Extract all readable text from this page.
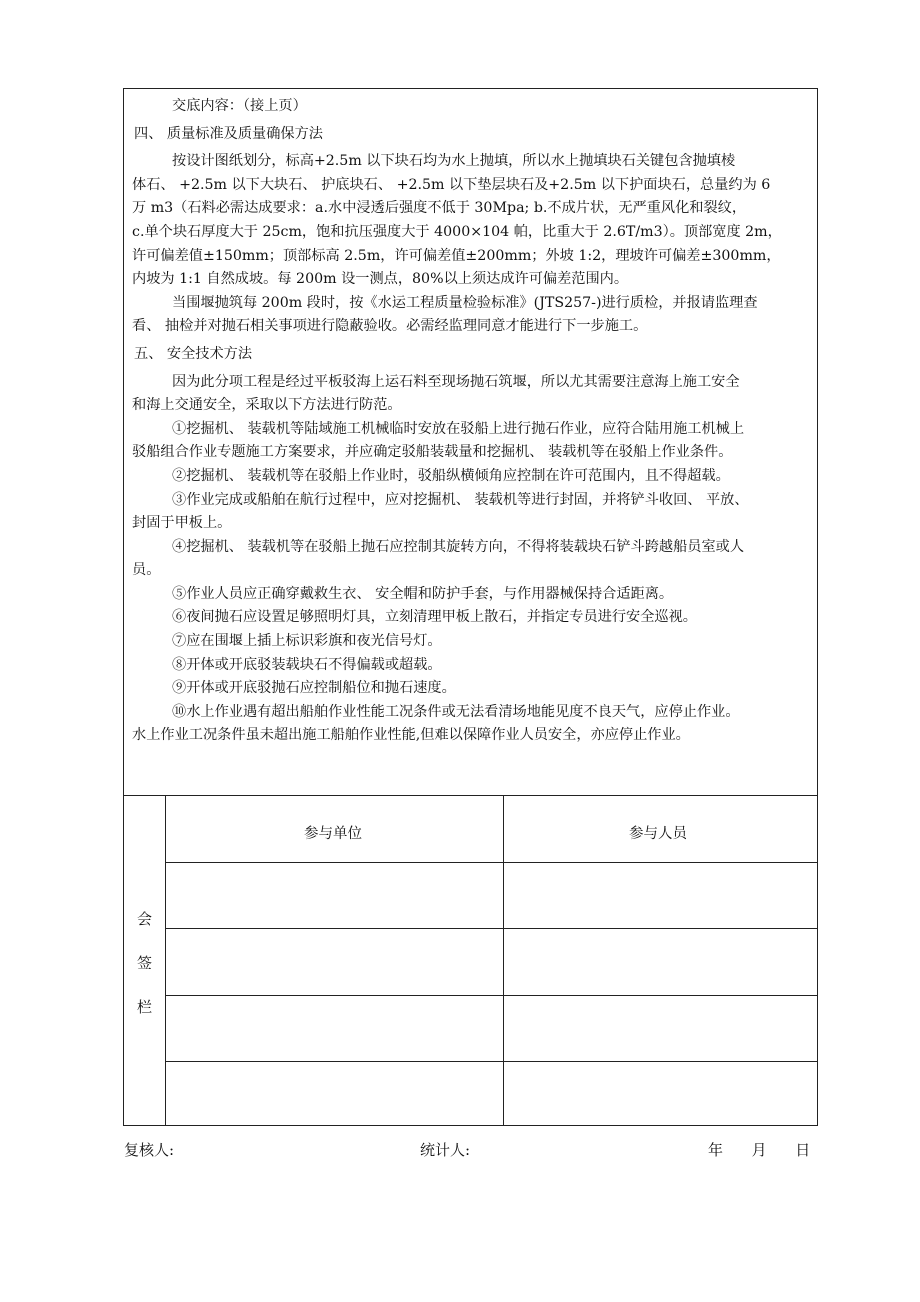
交底内容：（接上页）
四、 质量标准及质量确保方法
按设计图纸划分，标高+2.5m 以下块石均为水上抛填，所以水上抛填块石关键包含抛填棱
体石、 +2.5m 以下大块石、 护底块石、 +2.5m 以下垫层块石及+2.5m 以下护面块石，总量约为 6
万 m3（石料必需达成要求：a.水中浸透后强度不低于 30Mpa; b.不成片状，无严重风化和裂纹，
c.单个块石厚度大于 25cm，饱和抗压强度大于 4000×104 帕，比重大于 2.6T/m3）。顶部宽度 2m，
许可偏差值±150mm；顶部标高 2.5m，许可偏差值±200mm；外坡 1:2，理坡许可偏差±300mm，
内坡为 1:1 自然成坡。每 200m 设一测点，80%以上须达成许可偏差范围内。
当围堰抛筑每 200m 段时，按《水运工程质量检验标准》(JTS257-)进行质检，并报请监理查
看、 抽检并对抛石相关事项进行隐蔽验收。必需经监理同意才能进行下一步施工。
五、 安全技术方法
因为此分项工程是经过平板驳海上运石料至现场抛石筑堰，所以尤其需要注意海上施工安全
和海上交通安全，采取以下方法进行防范。
①挖掘机、 装载机等陆域施工机械临时安放在驳船上进行抛石作业，应符合陆用施工机械上
驳船组合作业专题施工方案要求，并应确定驳船装载量和挖掘机、 装载机等在驳船上作业条件。
②挖掘机、 装载机等在驳船上作业时，驳船纵横倾角应控制在许可范围内，且不得超载。
③作业完成或船舶在航行过程中，应对挖掘机、 装载机等进行封固，并将铲斗收回、 平放、
封固于甲板上。
④挖掘机、 装载机等在驳船上抛石应控制其旋转方向，不得将装载块石铲斗跨越船员室或人
员。
⑤作业人员应正确穿戴救生衣、 安全帽和防护手套，与作用器械保持合适距离。
⑥夜间抛石应设置足够照明灯具，立刻清理甲板上散石，并指定专员进行安全巡视。
⑦应在围堰上插上标识彩旗和夜光信号灯。
⑧开体或开底驳装载块石不得偏载或超载。
⑨开体或开底驳抛石应控制船位和抛石速度。
⑩水上作业遇有超出船舶作业性能工况条件或无法看清场地能见度不良天气，应停止作业。
水上作业工况条件虽未超出施工船舶作业性能,但难以保障作业人员安全，亦应停止作业。
会
签
栏
参与单位	参与人员
复核人:	统计人:	年      月      日
